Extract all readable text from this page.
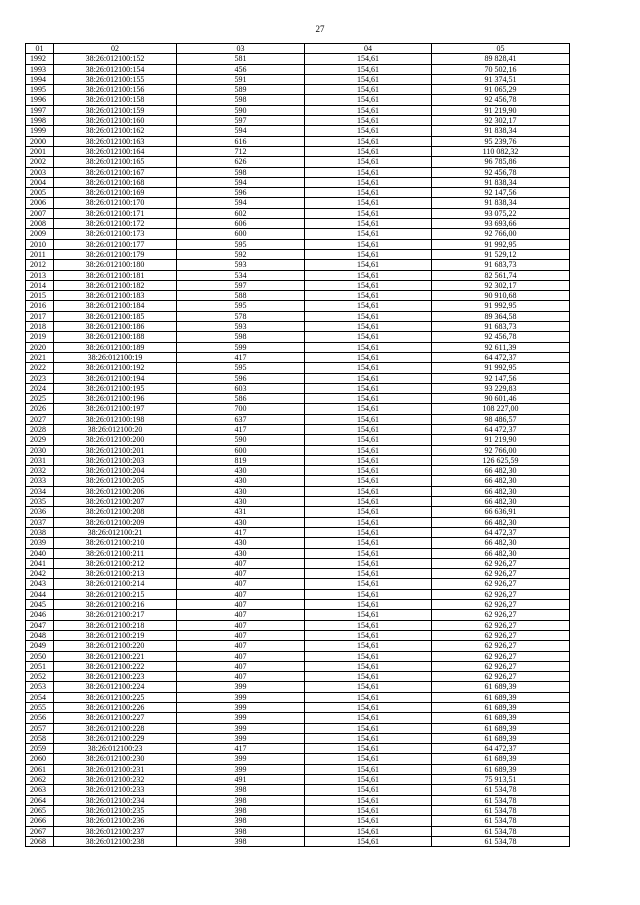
27
01	02	03	04	05
1992	38:26:012100:152	581	154,61	89 828,41
1993	38:26:012100:154	456	154,61	70 502,16
1994	38:26:012100:155	591	154,61	91 374,51
1995	38:26:012100:156	589	154,61	91 065,29
1996	38:26:012100:158	598	154,61	92 456,78
1997	38:26:012100:159	590	154,61	91 219,90
1998	38:26:012100:160	597	154,61	92 302,17
1999	38:26:012100:162	594	154,61	91 838,34
2000	38:26:012100:163	616	154,61	95 239,76
2001	38:26:012100:164	712	154,61	110 082,32
2002	38:26:012100:165	626	154,61	96 785,86
2003	38:26:012100:167	598	154,61	92 456,78
2004	38:26:012100:168	594	154,61	91 838,34
2005	38:26:012100:169	596	154,61	92 147,56
2006	38:26:012100:170	594	154,61	91 838,34
2007	38:26:012100:171	602	154,61	93 075,22
2008	38:26:012100:172	606	154,61	93 693,66
2009	38:26:012100:173	600	154,61	92 766,00
2010	38:26:012100:177	595	154,61	91 992,95
2011	38:26:012100:179	592	154,61	91 529,12
2012	38:26:012100:180	593	154,61	91 683,73
2013	38:26:012100:181	534	154,61	82 561,74
2014	38:26:012100:182	597	154,61	92 302,17
2015	38:26:012100:183	588	154,61	90 910,68
2016	38:26:012100:184	595	154,61	91 992,95
2017	38:26:012100:185	578	154,61	89 364,58
2018	38:26:012100:186	593	154,61	91 683,73
2019	38:26:012100:188	598	154,61	92 456,78
2020	38:26:012100:189	599	154,61	92 611,39
2021	38:26:012100:19	417	154,61	64 472,37
2022	38:26:012100:192	595	154,61	91 992,95
2023	38:26:012100:194	596	154,61	92 147,56
2024	38:26:012100:195	603	154,61	93 229,83
2025	38:26:012100:196	586	154,61	90 601,46
2026	38:26:012100:197	700	154,61	108 227,00
2027	38:26:012100:198	637	154,61	98 486,57
2028	38:26:012100:20	417	154,61	64 472,37
2029	38:26:012100:200	590	154,61	91 219,90
2030	38:26:012100:201	600	154,61	92 766,00
2031	38:26:012100:203	819	154,61	126 625,59
2032	38:26:012100:204	430	154,61	66 482,30
2033	38:26:012100:205	430	154,61	66 482,30
2034	38:26:012100:206	430	154,61	66 482,30
2035	38:26:012100:207	430	154,61	66 482,30
2036	38:26:012100:208	431	154,61	66 636,91
2037	38:26:012100:209	430	154,61	66 482,30
2038	38:26:012100:21	417	154,61	64 472,37
2039	38:26:012100:210	430	154,61	66 482,30
2040	38:26:012100:211	430	154,61	66 482,30
2041	38:26:012100:212	407	154,61	62 926,27
2042	38:26:012100:213	407	154,61	62 926,27
2043	38:26:012100:214	407	154,61	62 926,27
2044	38:26:012100:215	407	154,61	62 926,27
2045	38:26:012100:216	407	154,61	62 926,27
2046	38:26:012100:217	407	154,61	62 926,27
2047	38:26:012100:218	407	154,61	62 926,27
2048	38:26:012100:219	407	154,61	62 926,27
2049	38:26:012100:220	407	154,61	62 926,27
2050	38:26:012100:221	407	154,61	62 926,27
2051	38:26:012100:222	407	154,61	62 926,27
2052	38:26:012100:223	407	154,61	62 926,27
2053	38:26:012100:224	399	154,61	61 689,39
2054	38:26:012100:225	399	154,61	61 689,39
2055	38:26:012100:226	399	154,61	61 689,39
2056	38:26:012100:227	399	154,61	61 689,39
2057	38:26:012100:228	399	154,61	61 689,39
2058	38:26:012100:229	399	154,61	61 689,39
2059	38:26:012100:23	417	154,61	64 472,37
2060	38:26:012100:230	399	154,61	61 689,39
2061	38:26:012100:231	399	154,61	61 689,39
2062	38:26:012100:232	491	154,61	75 913,51
2063	38:26:012100:233	398	154,61	61 534,78
2064	38:26:012100:234	398	154,61	61 534,78
2065	38:26:012100:235	398	154,61	61 534,78
2066	38:26:012100:236	398	154,61	61 534,78
2067	38:26:012100:237	398	154,61	61 534,78
2068	38:26:012100:238	398	154,61	61 534,78
